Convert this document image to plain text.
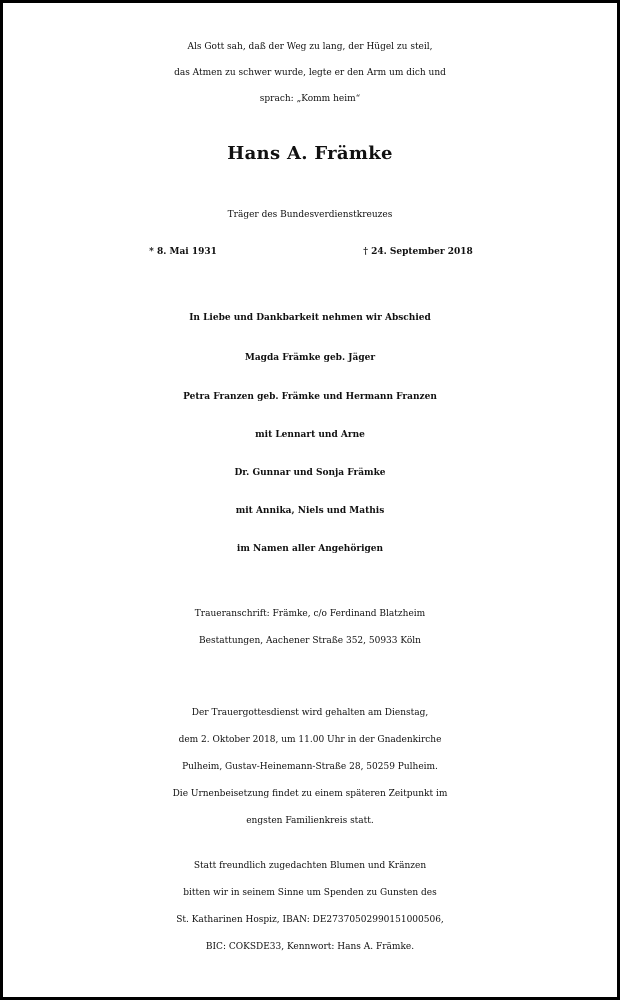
Als Gott sah, daß der Weg zu lang, der Hügel zu steil,
das Atmen zu schwer wurde, legte er den Arm um dich und
sprach: „Komm heim“
Hans A. Främke
Träger des Bundesverdienstkreuzes
* 8. Mai 1931	† 24. September 2018
In Liebe und Dankbarkeit nehmen wir Abschied
Magda Främke geb. Jäger
Petra Franzen geb. Främke und Hermann Franzen
mit Lennart und Arne
Dr. Gunnar und Sonja Främke
mit Annika, Niels und Mathis
im Namen aller Angehörigen
Traueranschrift: Främke, c/o Ferdinand Blatzheim
Bestattungen, Aachener Straße 352, 50933 Köln
Der Trauergottesdienst wird gehalten am Dienstag,
dem 2. Oktober 2018, um 11.00 Uhr in der Gnadenkirche
Pulheim, Gustav-Heinemann-Straße 28, 50259 Pulheim.
Die Urnenbeisetzung findet zu einem späteren Zeitpunkt im
engsten Familienkreis statt.
Statt freundlich zugedachten Blumen und Kränzen
bitten wir in seinem Sinne um Spenden zu Gunsten des
St. Katharinen Hospiz, IBAN: DE27370502990151000506,
BIC: COKSDE33, Kennwort: Hans A. Främke.
